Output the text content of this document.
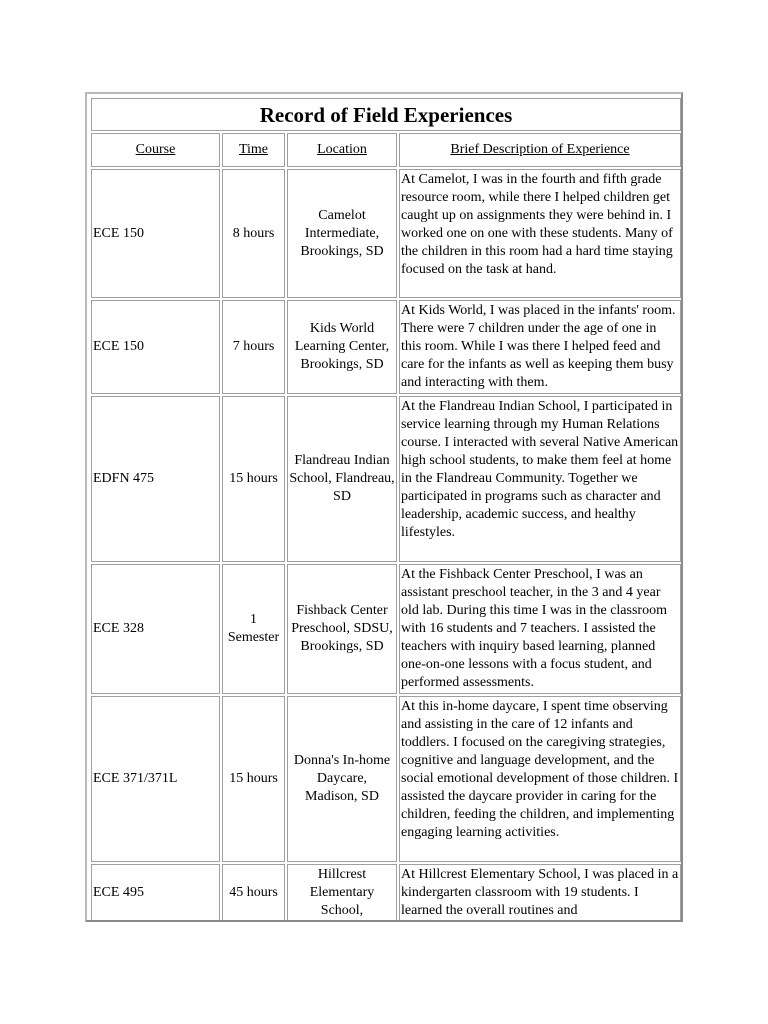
Record of Field Experiences			
Course	Time	Location	Brief Description of Experience
ECE 150	8 hours	Camelot Intermediate, Brookings, SD	At Camelot, I was in the fourth and fifth grade resource room, while there I helped children get caught up on assignments they were behind in. I worked one on one with these students. Many of the children in this room had a hard time staying focused on the task at hand.
ECE 150	7 hours	Kids World Learning Center, Brookings, SD	At Kids World, I was placed in the infants' room. There were 7 children under the age of one in this room. While I was there I helped feed and care for the infants as well as keeping them busy and interacting with them.
EDFN 475	15 hours	Flandreau Indian School, Flandreau, SD	At the Flandreau Indian School, I participated in service learning through my Human Relations course. I interacted with several Native American high school students, to make them feel at home in the Flandreau Community. Together we participated in programs such as character and leadership, academic success, and healthy lifestyles.
ECE 328	1 Semester	Fishback Center Preschool, SDSU, Brookings, SD	At the Fishback Center Preschool, I was an assistant preschool teacher, in the 3 and 4 year old lab. During this time I was in the classroom with 16 students and 7 teachers. I assisted the teachers with inquiry based learning, planned one-on-one lessons with a focus student, and performed assessments.
ECE 371/371L	15 hours	Donna's In-home Daycare, Madison, SD	At this in-home daycare, I spent time observing and assisting in the care of 12 infants and toddlers. I focused on the caregiving strategies, cognitive and language development, and the social emotional development of those children. I assisted the daycare provider in caring for the children, feeding the children, and implementing engaging learning activities.
ECE 495	45 hours	Hillcrest Elementary School,	At Hillcrest Elementary School, I was placed in a kindergarten classroom with 19 students. I learned the overall routines and
